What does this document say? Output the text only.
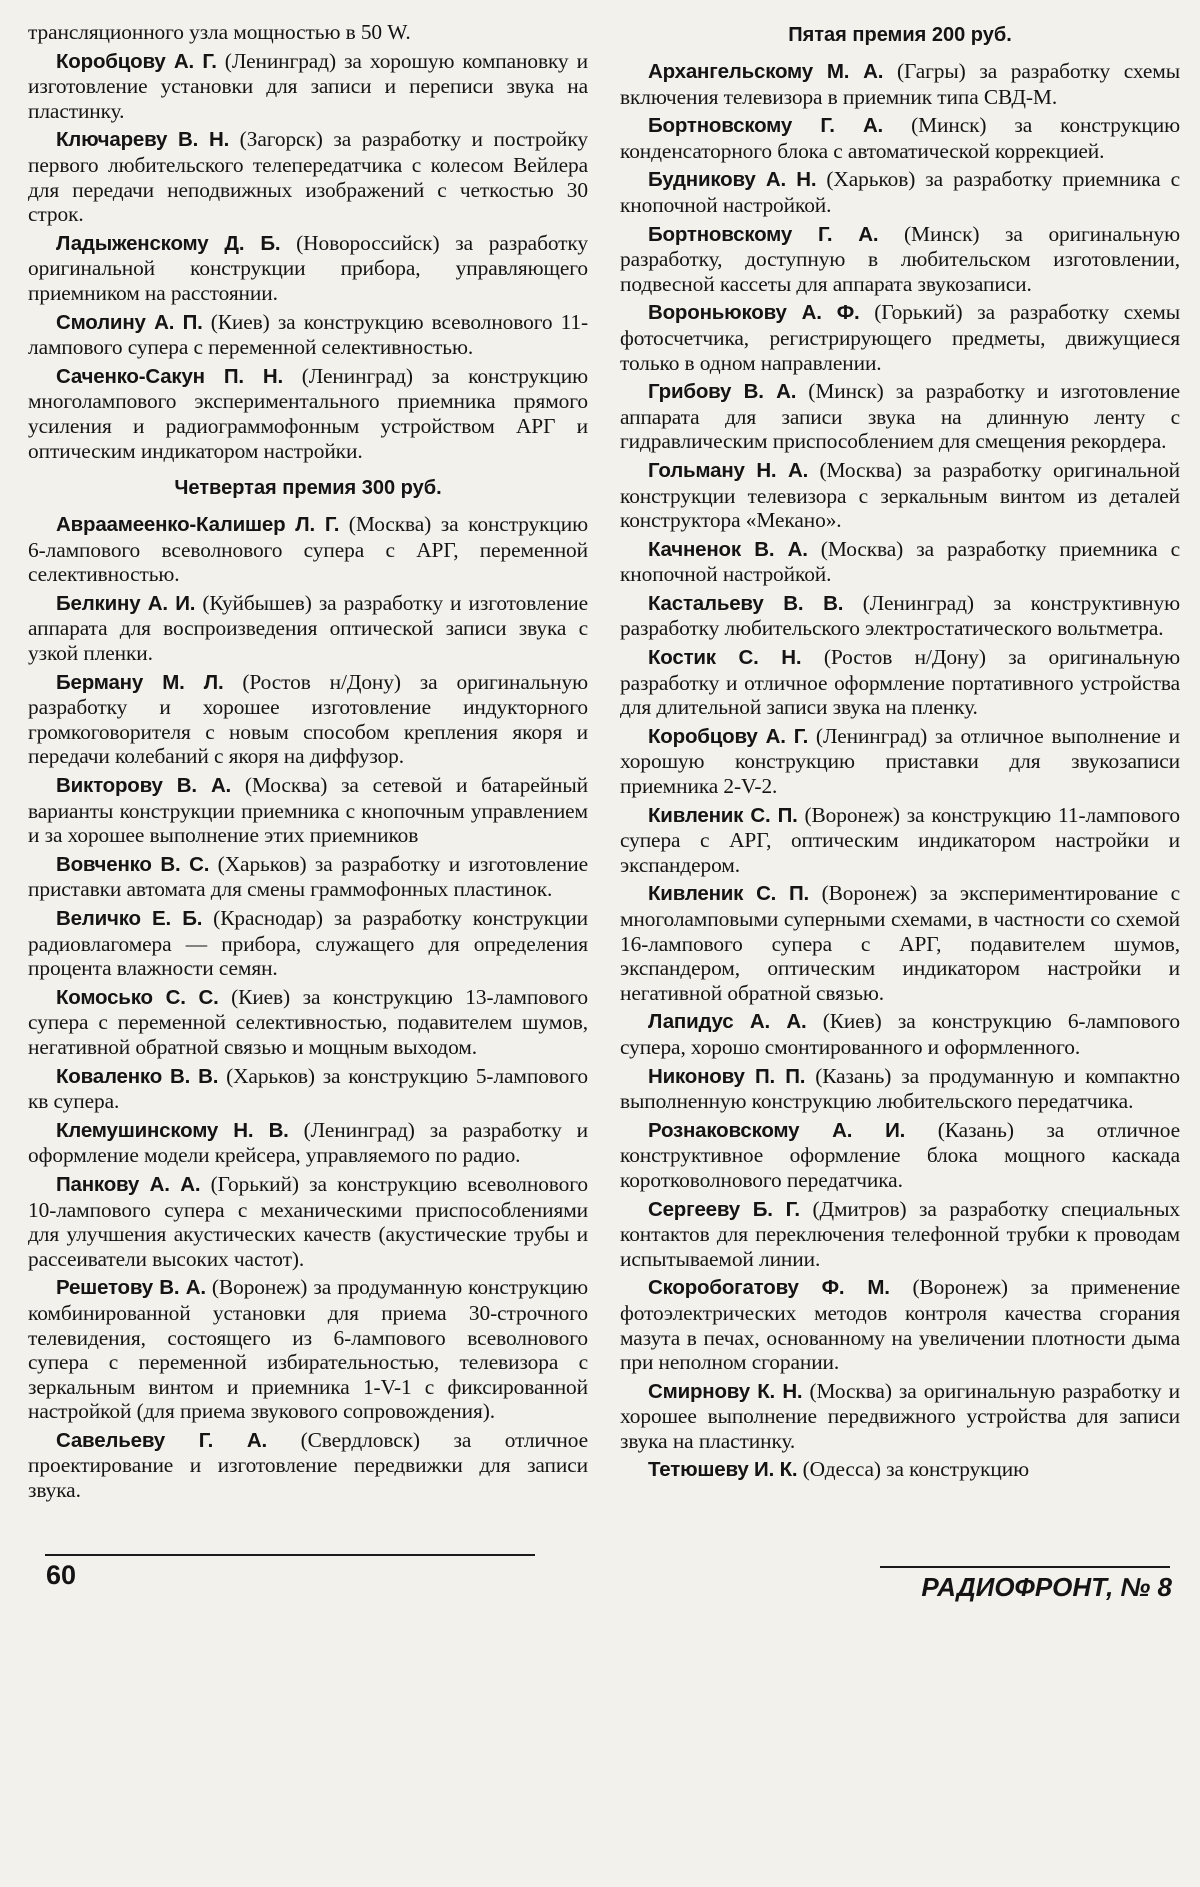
трансляционного узла мощностью в 50 W.

Коробцову А. Г. (Ленинград) за хорошую компановку и изготовление установки для записи и переписи звука на пластинку.

Ключареву В. Н. (Загорск) за разработку и постройку первого любительского телепередатчика с колесом Вейлера для передачи неподвижных изображений с четкостью 30 строк.

Ладыженскому Д. Б. (Новороссийск) за разработку оригинальной конструкции прибора, управляющего приемником на расстоянии.

Смолину А. П. (Киев) за конструкцию всеволнового 11-лампового супера с переменной селективностью.

Саченко-Сакун П. Н. (Ленинград) за конструкцию многолампового экспериментального приемника прямого усиления и радиограммофонным устройством АРГ и оптическим индикатором настройки.

Четвертая премия 300 руб.

Авраамеенко-Калишер Л. Г. (Москва) за конструкцию 6-лампового всеволнового супера с АРГ, переменной селективностью.

Белкину А. И. (Куйбышев) за разработку и изготовление аппарата для воспроизведения оптической записи звука с узкой пленки.

Берману М. Л. (Ростов н/Дону) за оригинальную разработку и хорошее изготовление индукторного громкоговорителя с новым способом крепления якоря и передачи колебаний с якоря на диффузор.

Викторову В. А. (Москва) за сетевой и батарейный варианты конструкции приемника с кнопочным управлением и за хорошее выполнение этих приемников

Вовченко В. С. (Харьков) за разработку и изготовление приставки автомата для смены граммофонных пластинок.

Величко Е. Б. (Краснодар) за разработку конструкции радиовлагомера — прибора, служащего для определения процента влажности семян.

Комосько С. С. (Киев) за конструкцию 13-лампового супера с переменной селективностью, подавителем шумов, негативной обратной связью и мощным выходом.

Коваленко В. В. (Харьков) за конструкцию 5-лампового кв супера.

Клемушинскому Н. В. (Ленинград) за разработку и оформление модели крейсера, управляемого по радио.

Панкову А. А. (Горький) за конструкцию всеволнового 10-лампового супера с механическими приспособлениями для улучшения акустических качеств (акустические трубы и рассеиватели высоких частот).

Решетову В. А. (Воронеж) за продуманную конструкцию комбинированной установки для приема 30-строчного телевидения, состоящего из 6-лампового всеволнового супера с переменной избирательностью, телевизора с зеркальным винтом и приемника 1-V-1 с фиксированной настройкой (для приема звукового сопровождения).

Савельеву Г. А. (Свердловск) за отличное проектирование и изготовление передвижки для записи звука.

Пятая премия 200 руб.

Архангельскому М. А. (Гагры) за разработку схемы включения телевизора в приемник типа СВД-М.

Бортновскому Г. А. (Минск) за конструкцию конденсаторного блока с автоматической коррекцией.

Будникову А. Н. (Харьков) за разработку приемника с кнопочной настройкой.

Бортновскому Г. А. (Минск) за оригинальную разработку, доступную в любительском изготовлении, подвесной кассеты для аппарата звукозаписи.

Вороньюкову А. Ф. (Горький) за разработку схемы фотосчетчика, регистрирующего предметы, движущиеся только в одном направлении.

Грибову В. А. (Минск) за разработку и изготовление аппарата для записи звука на длинную ленту с гидравлическим приспособлением для смещения рекордера.

Гольману Н. А. (Москва) за разработку оригинальной конструкции телевизора с зеркальным винтом из деталей конструктора «Мекано».

Качненок В. А. (Москва) за разработку приемника с кнопочной настройкой.

Кастальеву В. В. (Ленинград) за конструктивную разработку любительского электростатического вольтметра.

Костик С. Н. (Ростов н/Дону) за оригинальную разработку и отличное оформление портативного устройства для длительной записи звука на пленку.

Коробцову А. Г. (Ленинград) за отличное выполнение и хорошую конструкцию приставки для звукозаписи приемника 2-V-2.

Кивленик С. П. (Воронеж) за конструкцию 11-лампового супера с АРГ, оптическим индикатором настройки и экспандером.

Кивленик С. П. (Воронеж) за экспериментирование с многоламповыми суперными схемами, в частности со схемой 16-лампового супера с АРГ, подавителем шумов, экспандером, оптическим индикатором настройки и негативной обратной связью.

Лапидус А. А. (Киев) за конструкцию 6-лампового супера, хорошо смонтированного и оформленного.

Никонову П. П. (Казань) за продуманную и компактно выполненную конструкцию любительского передатчика.

Рознаковскому А. И. (Казань) за отличное конструктивное оформление блока мощного каскада коротковолнового передатчика.

Сергееву Б. Г. (Дмитров) за разработку специальных контактов для переключения телефонной трубки к проводам испытываемой линии.

Скоробогатову Ф. М. (Воронеж) за применение фотоэлектрических методов контроля качества сгорания мазута в печах, основанному на увеличении плотности дыма при неполном сгорании.

Смирнову К. Н. (Москва) за оригинальную разработку и хорошее выполнение передвижного устройства для записи звука на пластинку.

Тетюшеву И. К. (Одесса) за конструкцию

60	РАДИОФРОНТ, № 8
